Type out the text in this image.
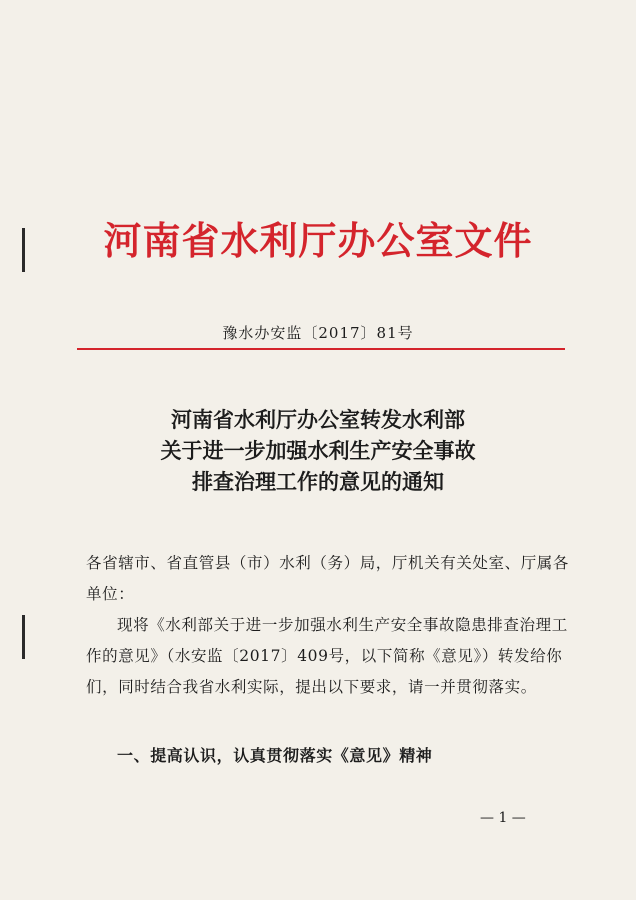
河南省水利厅办公室文件
豫水办安监〔2017〕81号
河南省水利厅办公室转发水利部
关于进一步加强水利生产安全事故
排查治理工作的意见的通知
各省辖市、省直管县（市）水利（务）局，厅机关有关处室、厅属各单位：
现将《水利部关于进一步加强水利生产安全事故隐患排查治理工作的意见》（水安监〔2017〕409号，以下简称《意见》）转发给你们，同时结合我省水利实际，提出以下要求，请一并贯彻落实。
一、提高认识，认真贯彻落实《意见》精神
— 1 —
